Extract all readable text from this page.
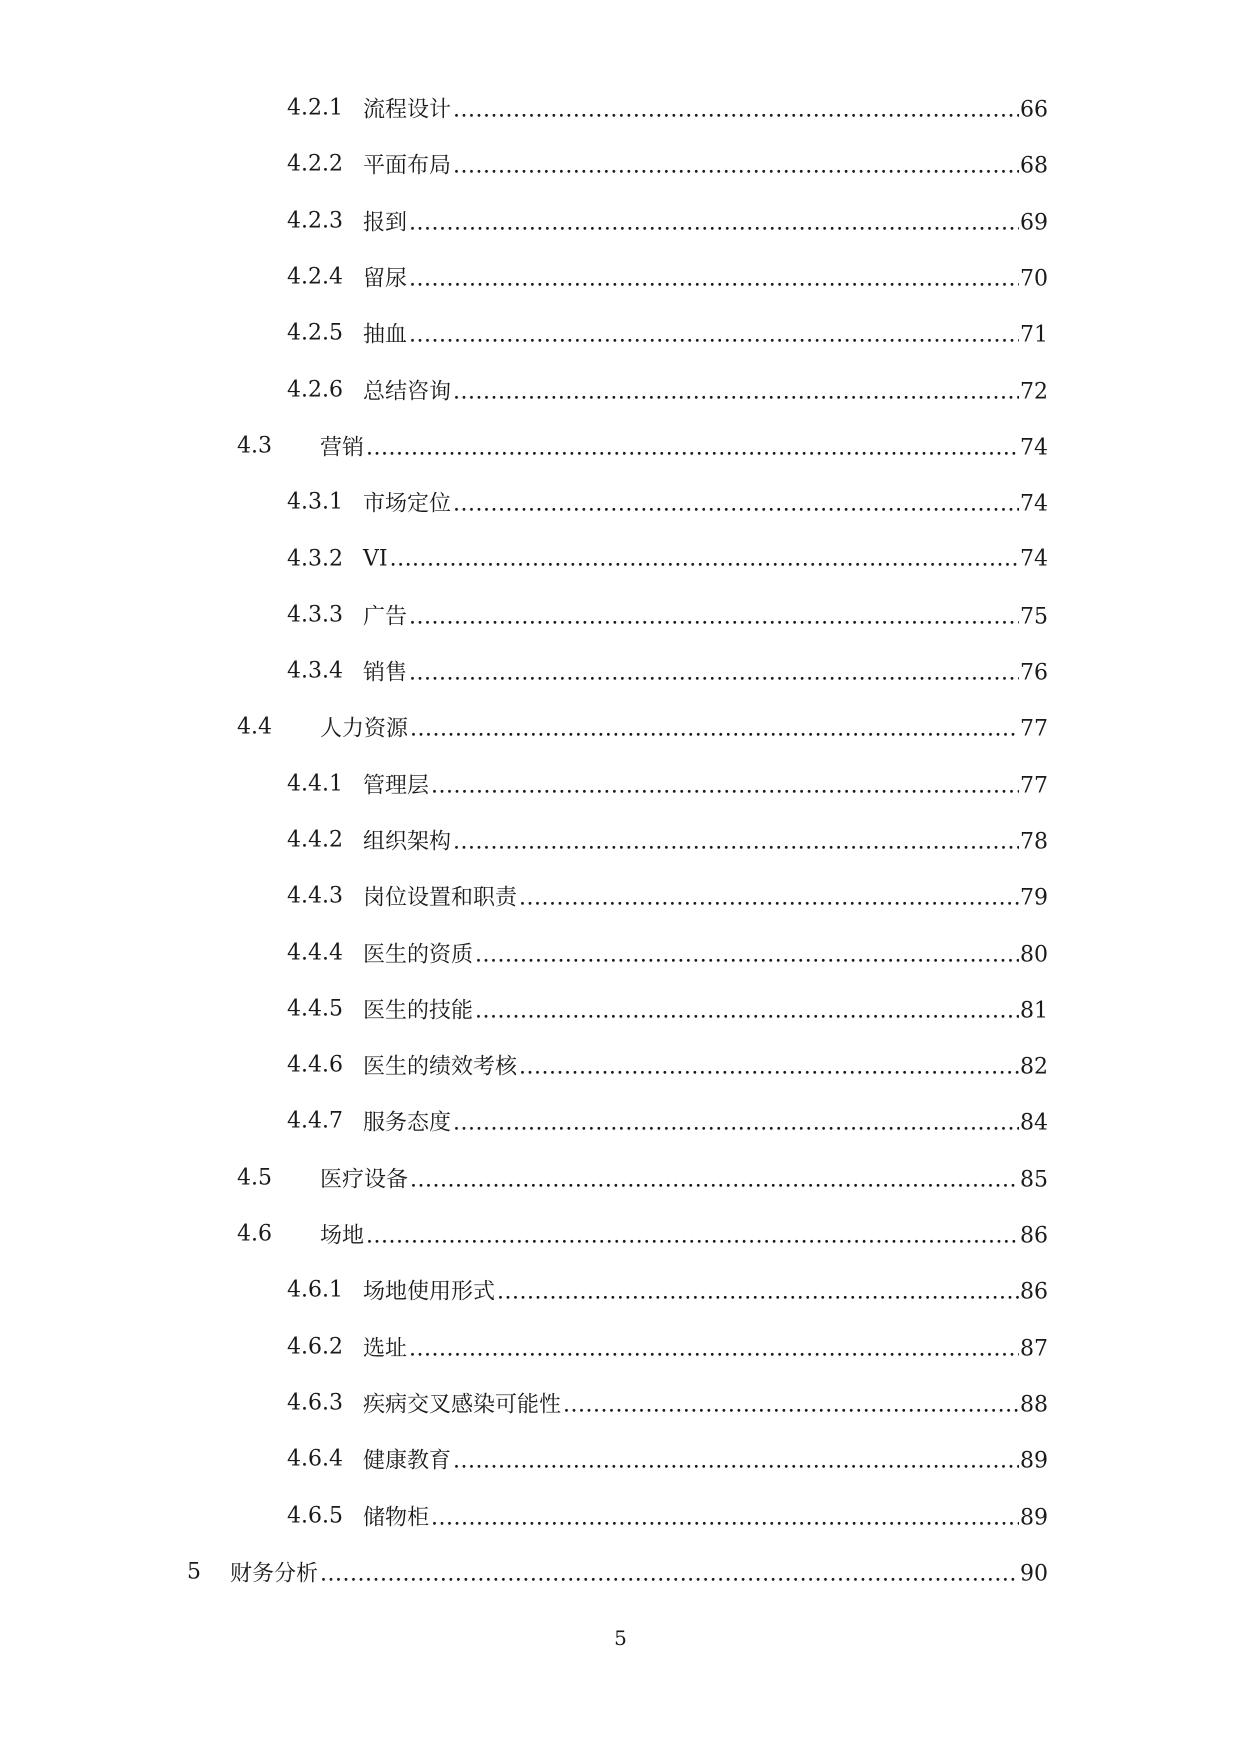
4.2.1 流程设计 .....	66
4.2.2 平面布局 .....	68
4.2.3 报到 .....	69
4.2.4 留尿 .....	70
4.2.5 抽血 .....	71
4.2.6 总结咨询 .....	72
4.3 营销 .....	74
4.3.1 市场定位 .....	74
4.3.2 VI .....	74
4.3.3 广告 .....	75
4.3.4 销售 .....	76
4.4 人力资源 .....	77
4.4.1 管理层 .....	77
4.4.2 组织架构 .....	78
4.4.3 岗位设置和职责 .....	79
4.4.4 医生的资质 .....	80
4.4.5 医生的技能 .....	81
4.4.6 医生的绩效考核 .....	82
4.4.7 服务态度 .....	84
4.5 医疗设备 .....	85
4.6 场地 .....	86
4.6.1 场地使用形式 .....	86
4.6.2 选址 .....	87
4.6.3 疾病交叉感染可能性 .....	88
4.6.4 健康教育 .....	89
4.6.5 储物柜 .....	89
5 财务分析 .....	90
5
